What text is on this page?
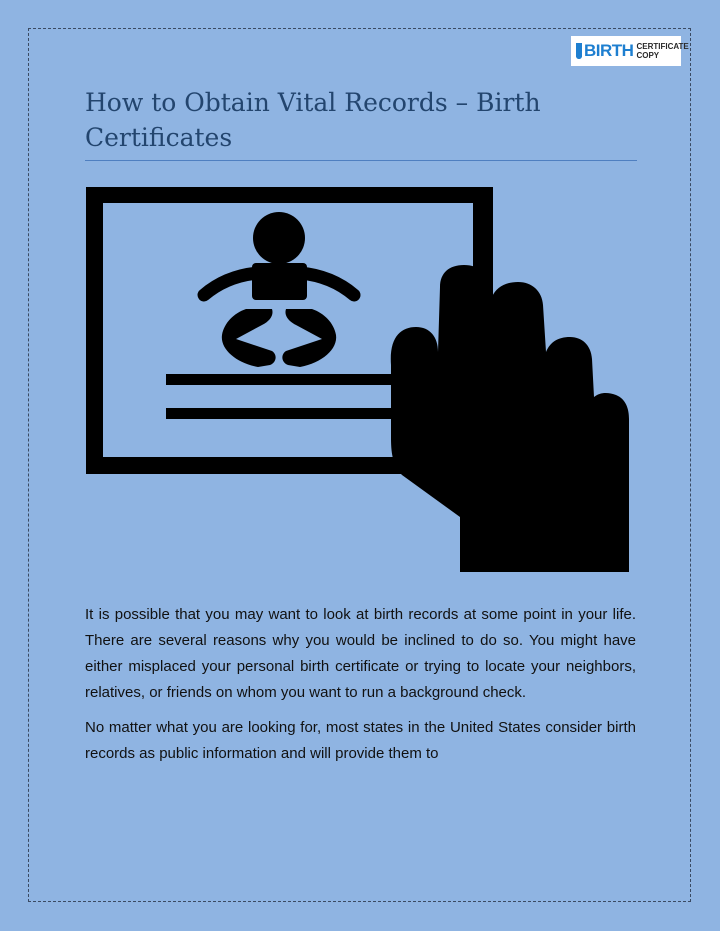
BIRTH CERTIFICATE
COPY
How to Obtain Vital Records – Birth Certificates

It is possible that you may want to look at birth records at some point in your life. There are several reasons why you would be inclined to do so. You might have either misplaced your personal birth certificate or trying to locate your neighbors, relatives, or friends on whom you want to run a background check.

No matter what you are looking for, most states in the United States consider birth records as public information and will provide them to
